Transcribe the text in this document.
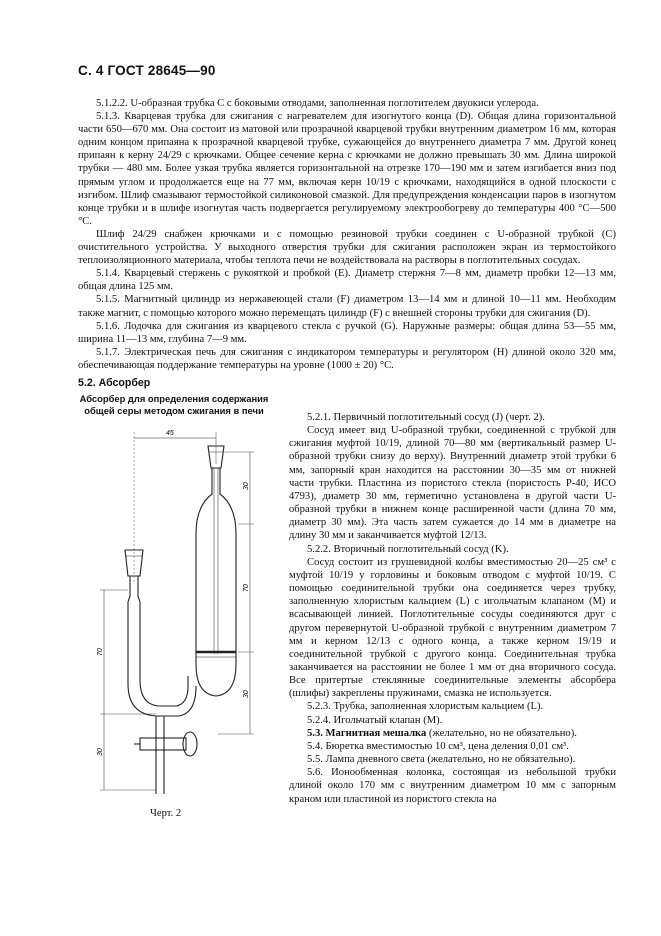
С. 4 ГОСТ 28645—90

5.1.2.2. U-образная трубка C с боковыми отводами, заполненная поглотителем двуокиси углерода.

5.1.3. Кварцевая трубка для сжигания с нагревателем для изогнутого конца (D). Общая длина горизонтальной части 650—670 мм. Она состоит из матовой или прозрачной кварцевой трубки внутренним диаметром 16 мм, которая одним концом припаяна к прозрачной кварцевой трубке, сужающейся до внутреннего диаметра 7 мм. Другой конец припаян к керну 24/29 с крючками. Общее сечение керна с крючками не должно превышать 30 мм. Длина широкой трубки — 480 мм. Более узкая трубка является горизонтальной на отрезке 170—190 мм и затем изгибается вниз под прямым углом и продолжается еще на 77 мм, включая керн 10/19 с крючками, находящийся в одной плоскости с изгибом. Шлиф смазывают термостойкой силиконовой смазкой. Для предупреждения конденсации паров в изогнутом конце трубки и в шлифе изогнутая часть подвергается регулируемому электрообогреву до температуры 400 °С—500 °С.

Шлиф 24/29 снабжен крючками и с помощью резиновой трубки соединен с U-образной трубкой (C) очистительного устройства. У выходного отверстия трубки для сжигания расположен экран из термостойкого теплоизоляционного материала, чтобы теплота печи не воздействовала на растворы в поглотительных сосудах.

5.1.4. Кварцевый стержень с рукояткой и пробкой (E). Диаметр стержня 7—8 мм, диаметр пробки 12—13 мм, общая длина 125 мм.

5.1.5. Магнитный цилиндр из нержавеющей стали (F) диаметром 13—14 мм и длиной 10—11 мм. Необходим также магнит, с помощью которого можно перемещать цилиндр (F) с внешней стороны трубки для сжигания (D).

5.1.6. Лодочка для сжигания из кварцевого стекла с ручкой (G). Наружные размеры: общая длина 53—55 мм, ширина 11—13 мм, глубина 7—9 мм.

5.1.7. Электрическая печь для сжигания с индикатором температуры и регулятором (H) длиной около 320 мм, обеспечивающая поддержание температуры на уровне (1000 ± 20) °С.

5.2. Абсорбер
Абсорбер для определения содержания
общей серы методом сжигания в печи
45
30
70
30
70
30
Черт. 2

5.2.1. Первичный поглотительный сосуд (J) (черт. 2).

Сосуд имеет вид U-образной трубки, соединенной с трубкой для сжигания муфтой 10/19, длиной 70—80 мм (вертикальный размер U-образной трубки снизу до верху). Внутренний диаметр этой трубки 6 мм, запорный кран находится на расстоянии 30—35 мм от нижней части трубки. Пластина из пористого стекла (пористость Р-40, ИСО 4793), диаметр 30 мм, герметично установлена в другой части U-образной трубки в нижнем конце расширенной части (длина 70 мм, диаметр 30 мм). Эта часть затем сужается до 14 мм в диаметре на длину 30 мм и заканчивается муфтой 12/13.

5.2.2. Вторичный поглотительный сосуд (K).

Сосуд состоит из грушевидной колбы вместимостью 20—25 см³ с муфтой 10/19 у горловины и боковым отводом с муфтой 10/19. С помощью соединительной трубки она соединяется через трубку, заполненную хлористым кальцием (L) с игольчатым клапаном (M) и всасывающей линией. Поглотительные сосуды соединяются друг с другом перевернутой U-образной трубкой с внутренним диаметром 7 мм и керном 12/13 с одного конца, а также керном 19/19 и соединительной трубкой с другого конца. Соединительная трубка заканчивается на расстоянии не более 1 мм от дна вторичного сосуда. Все притертые стеклянные соединительные элементы абсорбера (шлифы) закреплены пружинами, смазка не используется.

5.2.3. Трубка, заполненная хлористым кальцием (L).

5.2.4. Игольчатый клапан (M).

5.3. Магнитная мешалка (желательно, но не обязательно).

5.4. Бюретка вместимостью 10 см³, цена деления 0,01 см³.

5.5. Лампа дневного света (желательно, но не обязательно).

5.6. Ионообменная колонка, состоящая из небольшой трубки длиной около 170 мм с внутренним диаметром 10 мм с запорным краном или пластиной из пористого стекла на
